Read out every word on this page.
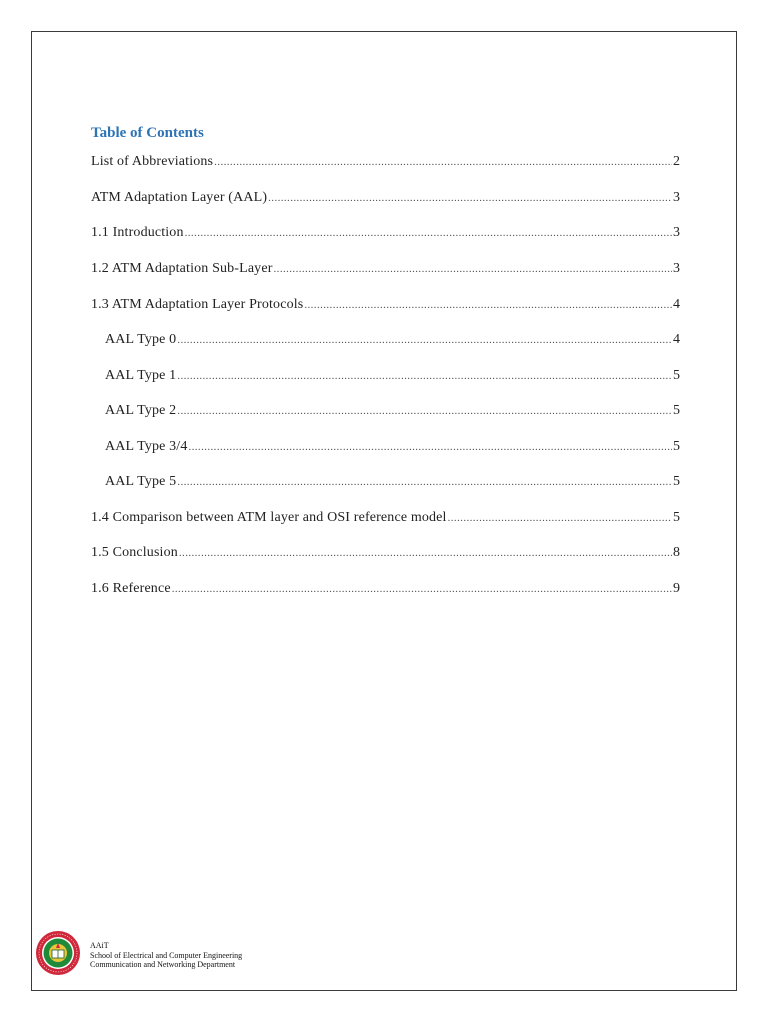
Table of Contents
List of Abbreviations .....	2
ATM Adaptation Layer (AAL) .....	3
1.1 Introduction .....	3
1.2 ATM Adaptation Sub-Layer .....	3
1.3 ATM Adaptation Layer Protocols .....	4
AAL Type 0 .....	4
AAL Type 1 .....	5
AAL Type 2 .....	5
AAL Type 3/4 .....	5
AAL Type 5 .....	5
1.4 Comparison between ATM layer and OSI reference model .....	5
1.5 Conclusion .....	8
1.6 Reference .....	9
AAiT
School of Electrical and Computer Engineering
Communication and Networking Department
